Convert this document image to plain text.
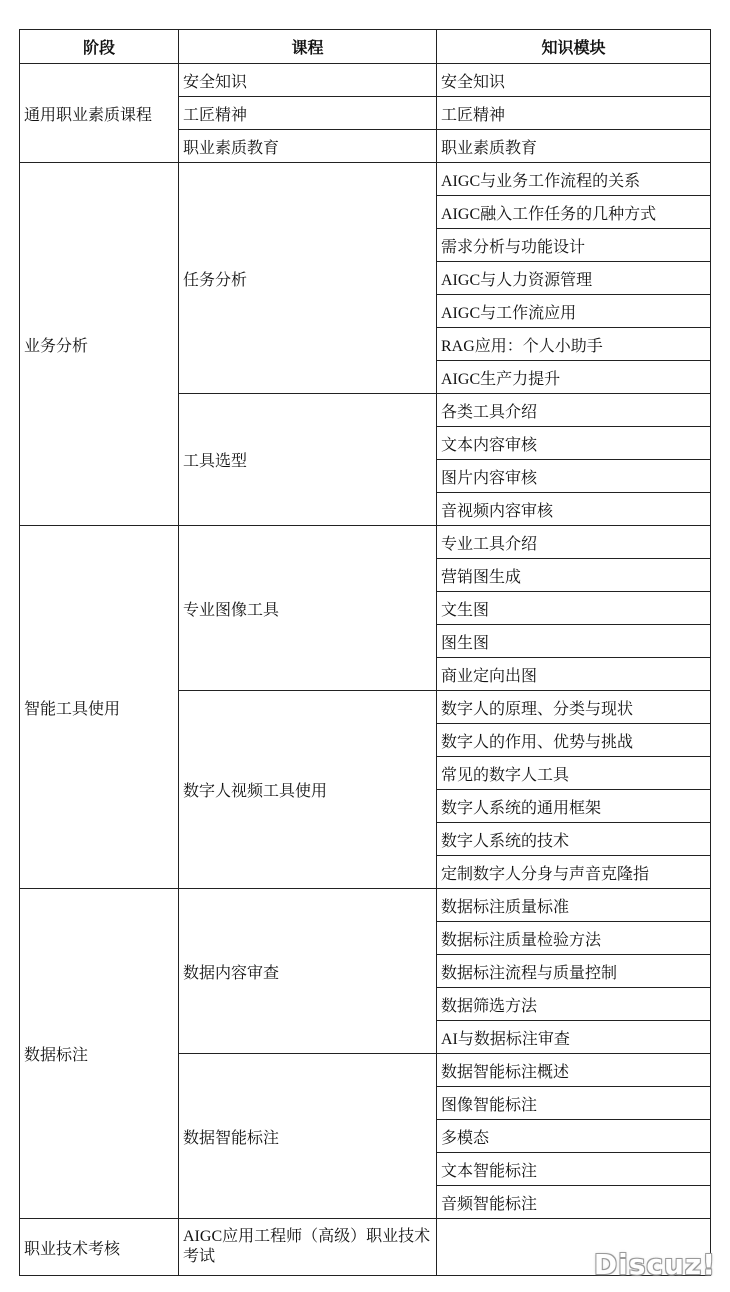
阶段	课程	知识模块
通用职业素质课程	安全知识	安全知识
	工匠精神	工匠精神
	职业素质教育	职业素质教育
业务分析	任务分析	AIGC与业务工作流程的关系
		AIGC融入工作任务的几种方式
		需求分析与功能设计
		AIGC与人力资源管理
		AIGC与工作流应用
		RAG应用：个人小助手
		AIGC生产力提升
	工具选型	各类工具介绍
		文本内容审核
		图片内容审核
		音视频内容审核
智能工具使用	专业图像工具	专业工具介绍
		营销图生成
		文生图
		图生图
		商业定向出图
	数字人视频工具使用	数字人的原理、分类与现状
		数字人的作用、优势与挑战
		常见的数字人工具
		数字人系统的通用框架
		数字人系统的技术
		定制数字人分身与声音克隆指
数据标注	数据内容审查	数据标注质量标准
		数据标注质量检验方法
		数据标注流程与质量控制
		数据筛选方法
		AI与数据标注审查
	数据智能标注	数据智能标注概述
		图像智能标注
		多模态
		文本智能标注
		音频智能标注
职业技术考核	AIGC应用工程师（高级）职业技术考试		Discuz!
